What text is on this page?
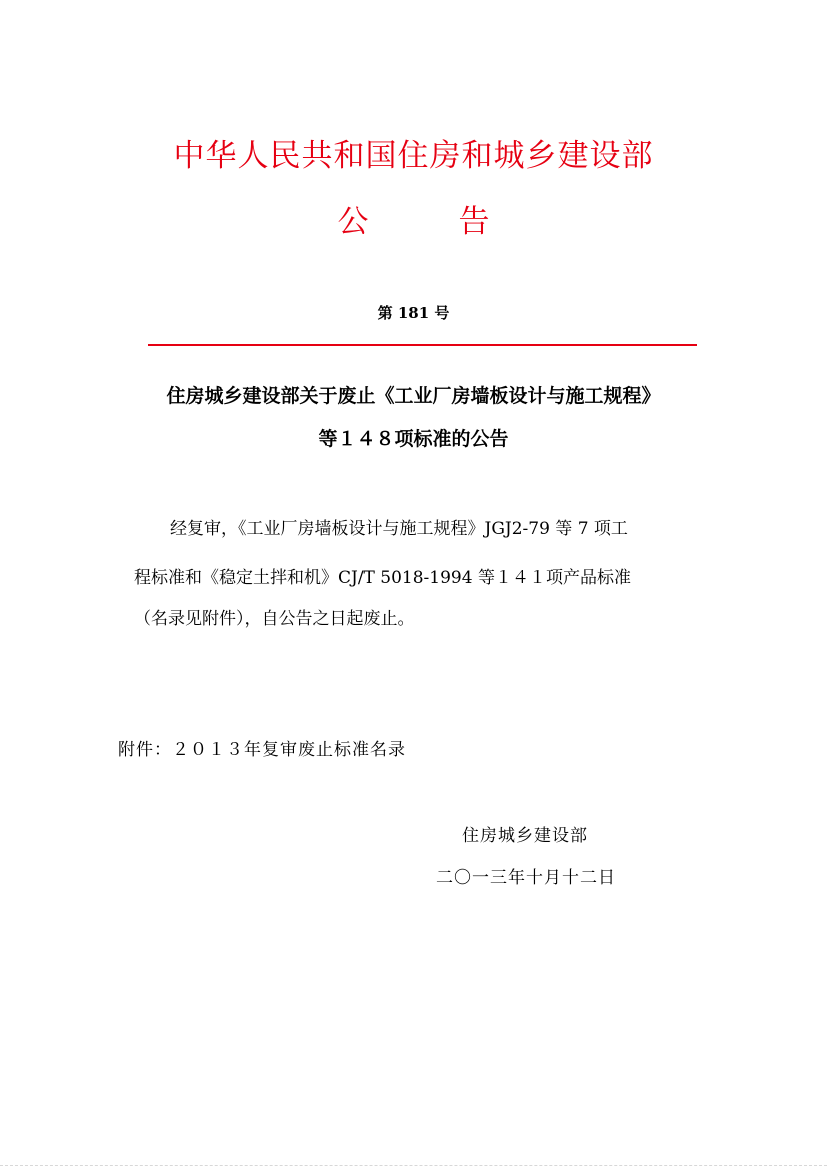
中华人民共和国住房和城乡建设部
公	告
第 181 号
住房城乡建设部关于废止《工业厂房墙板设计与施工规程》
等１４８项标准的公告
经复审，《工业厂房墙板设计与施工规程》JGJ2-79 等 7 项工
程标准和《稳定土拌和机》CJ/T 5018-1994 等１４１项产品标准
（名录见附件），自公告之日起废止。
附件：２０１３年复审废止标准名录
住房城乡建设部
二〇一三年十月十二日
